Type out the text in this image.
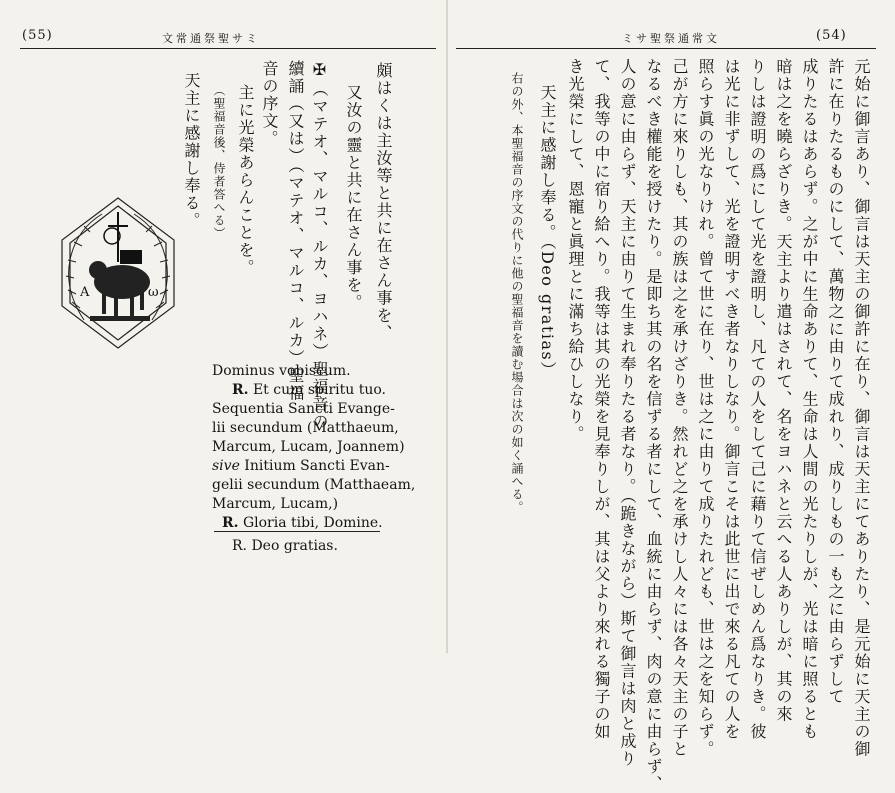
(55)	文常通祭聖サミ
頗はくは主汝等と共に在さん事を、
又汝の靈と共に在さん事を。
✠（マテオ、マルコ、ルカ、ヨハネ）聖福音の
續誦（又は）（マテオ、マルコ、ルカ）聖福
音の序文。
主に光榮あらんことを。
（聖福音後、侍者答へる）
天主に感謝し奉る。
A	ω
Dominus vobiscum.
R. Et cum spiritu tuo.
Sequentia Sancti Evange-
lii secundum (Matthaeum,
Marcum, Lucam, Joannem)
sive Initium Sancti Evan-
gelii secundum (Matthaeam,
Marcum, Lucam,)
R. Gloria tibi, Domine.
R. Deo gratias.
ミサ聖祭通常文	(54)
元始に御言あり、御言は天主の御許に在り、御言は天主にてありたり、是元始に天主の御
許に在りたるものにして、萬物之に由りて成れり、成りしもの一も之に由らずして
成りたるはあらず。之が中に生命ありて、生命は人間の光たりしが、光は暗に照るとも
暗は之を曉らざりき。天主より遣はされて、名をヨハネと云へる人ありしが、其の來
りしは證明の爲にして光を證明し、凡ての人をして己に藉りて信ぜしめん爲なりき。彼
は光に非ずして、光を證明すべき者なりしなり。御言こそは此世に出で來る凡ての人を
照らす眞の光なりけれ。曾て世に在り、世は之に由りて成りたれども、世は之を知らず。
己が方に來りしも、其の族は之を承けざりき。然れど之を承けし人々には各々天主の子と
なるべき權能を授けたり。是即ち其の名を信ずる者にして、血統に由らず、肉の意に由らず、
人の意に由らず、天主に由りて生まれ奉りたる者なり。（跪きながら）斯て御言は肉と成り
て、我等の中に宿り給へり。我等は其の光榮を見奉りしが、其は父より來れる獨子の如
き光榮にして、恩寵と眞理とに滿ち給ひしなり。
天主に感謝し奉る。（Deo gratias）
右の外、本聖福音の序文の代りに他の聖福音を讀む場合は次の如く誦へる。
